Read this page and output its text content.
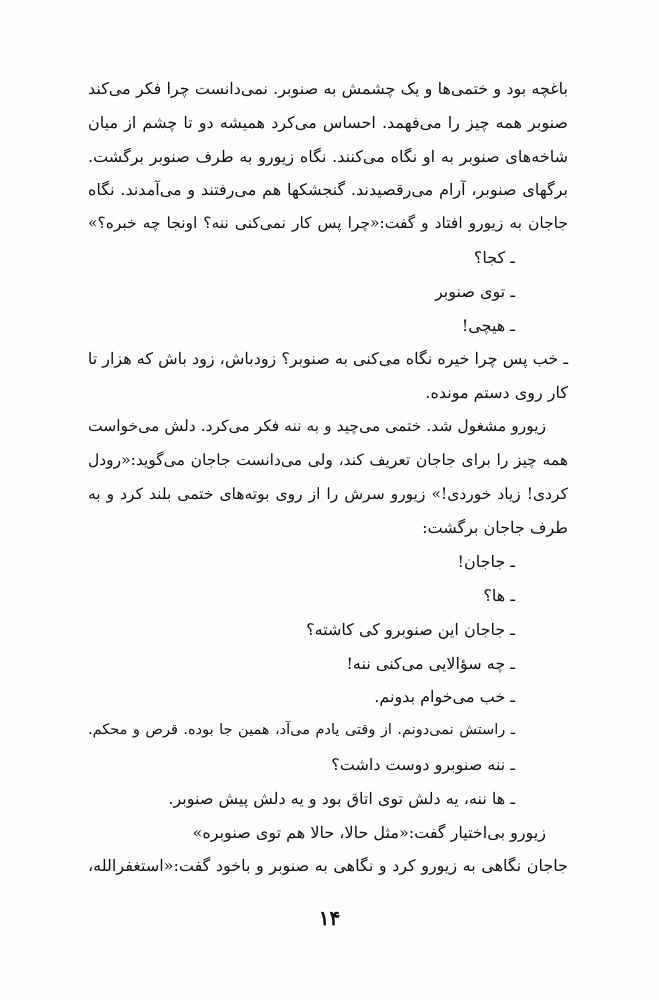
باغچه بود و ختمی‌ها و یک چشمش به صنوبر. نمی‌دانست چرا فکر می‌کند
صنوبر همه چیز را می‌فهمد. احساس می‌کرد همیشه دو تا چشم از میان
شاخه‌های صنوبر به او نگاه می‌کنند. نگاه زیورو به طرف صنوبر برگشت.
برگهای صنوبر، آرام می‌رقصیدند. گنجشکها هم می‌رفتند و می‌آمدند. نگاه
جاجان به زیورو افتاد و گفت:«چرا پس کار نمی‌کنی ننه؟ اونجا چه خبره؟»
ـ کجا؟
ـ توی صنوبر
ـ هیچی!
ـ خب پس چرا خیره نگاه می‌کنی به صنوبر؟ زودباش، زود باش که هزار تا
کار روی دستم مونده.
زیورو مشغول شد. ختمی می‌چید و به ننه فکر می‌کرد. دلش می‌خواست
همه چیز را برای جاجان تعریف کند، ولی می‌دانست جاجان می‌گوید:«رودل
کردی! زیاد خوردی!» زیورو سرش را از روی بوته‌های ختمی بلند کرد و به
طرف جاجان برگشت:
ـ جاجان!
ـ ها؟
ـ جاجان این صنوبرو کی کاشته؟
ـ چه سؤالایی می‌کنی ننه!
ـ خب می‌خوام بدونم.
ـ راستش نمی‌دونم. از وقتی یادم می‌آد، همین جا بوده. قرص و محکم.
ـ ننه صنوبرو دوست داشت؟
ـ ها ننه، یه دلش توی اتاق بود و یه دلش پیش صنوبر.
زیورو بی‌اختیار گفت:«مثل حالا، حالا هم توی صنوبره»
جاجان نگاهی به زیورو کرد و نگاهی به صنوبر و باخود گفت:«استغفرالله،
۱۴
